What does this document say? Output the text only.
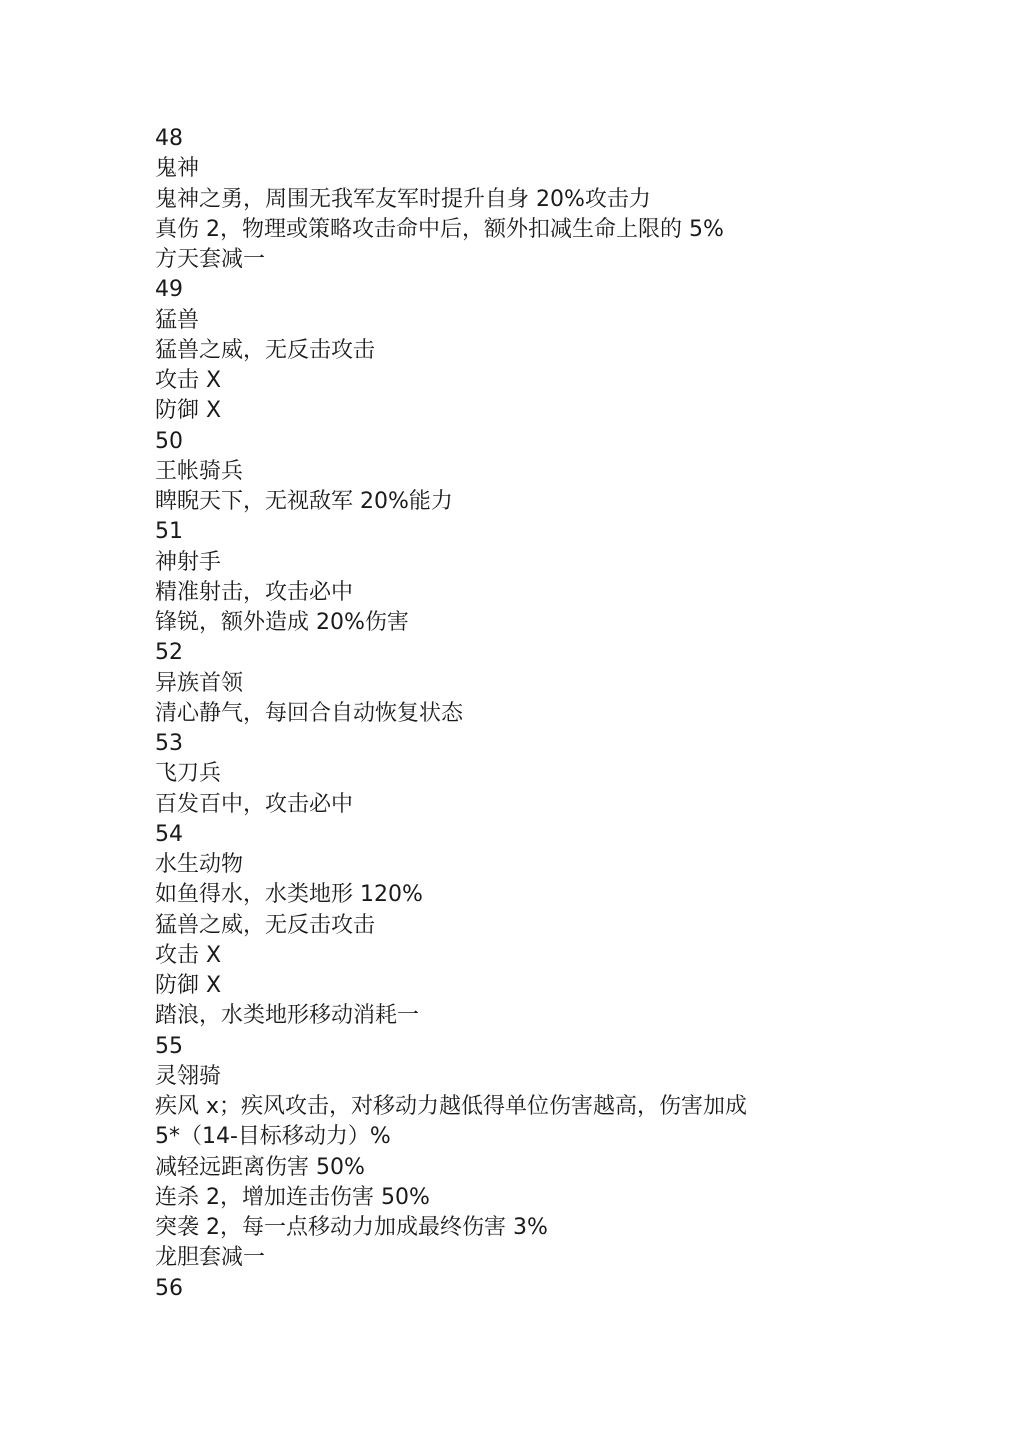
48
鬼神
鬼神之勇，周围无我军友军时提升自身 20%攻击力
真伤 2，物理或策略攻击命中后，额外扣减生命上限的 5%
方天套减一
49
猛兽
猛兽之威，无反击攻击
攻击 X
防御 X
50
王帐骑兵
睥睨天下，无视敌军 20%能力
51
神射手
精准射击，攻击必中
锋锐，额外造成 20%伤害
52
异族首领
清心静气，每回合自动恢复状态
53
飞刀兵
百发百中，攻击必中
54
水生动物
如鱼得水，水类地形 120%
猛兽之威，无反击攻击
攻击 X
防御 X
踏浪，水类地形移动消耗一
55
灵翎骑
疾风 x；疾风攻击，对移动力越低得单位伤害越高，伤害加成
5*（14-目标移动力）%
减轻远距离伤害 50%
连杀 2，增加连击伤害 50%
突袭 2，每一点移动力加成最终伤害 3%
龙胆套减一
56
